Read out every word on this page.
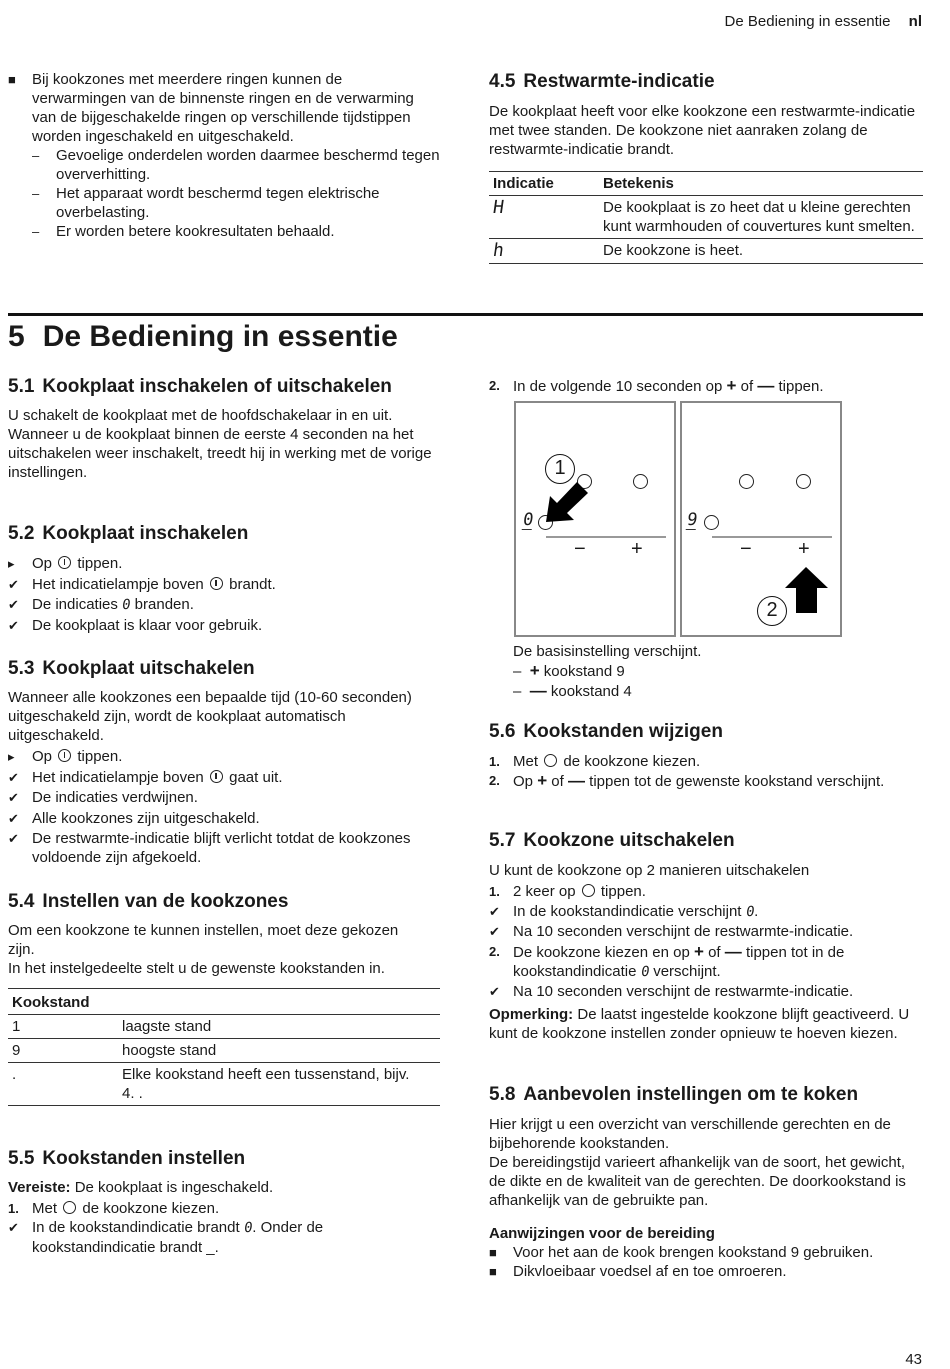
De Bediening in essentie nl
■	Bij kookzones met meerdere ringen kunnen de verwarmingen van de binnenste ringen en de verwarming van de bijgeschakelde ringen op verschillende tijdstippen worden ingeschakeld en uitgeschakeld.
–	Gevoelige onderdelen worden daarmee beschermd tegen oververhitting.
–	Het apparaat wordt beschermd tegen elektrische overbelasting.
–	Er worden betere kookresultaten behaald.
4.5 Restwarmte-indicatie

De kookplaat heeft voor elke kookzone een restwarmte-indicatie met twee standen. De kookzone niet aanraken zolang de restwarmte-indicatie brandt.

Indicatie	Betekenis
H	De kookplaat is zo heet dat u kleine gerechten kunt warmhouden of couvertures kunt smelten.
h	De kookzone is heet.
5 De Bediening in essentie
5.1 Kookplaat inschakelen of uitschakelen

U schakelt de kookplaat met de hoofdschakelaar in en uit.

Wanneer u de kookplaat binnen de eerste 4 seconden na het uitschakelen weer inschakelt, treedt hij in werking met de vorige instellingen.

5.2 Kookplaat inschakelen
▸	Op tippen.
✔ Het indicatielampje boven brandt.
✔ De indicaties 0 branden.
✔ De kookplaat is klaar voor gebruik.
5.3 Kookplaat uitschakelen

Wanneer alle kookzones een bepaalde tijd (10-60 seconden) uitgeschakeld zijn, wordt de kookplaat automatisch uitgeschakeld.

▸	Op tippen.
✔ Het indicatielampje boven gaat uit.
✔ De indicaties verdwijnen.
✔ Alle kookzones zijn uitgeschakeld.
✔ De restwarmte-indicatie blijft verlicht totdat de kookzones voldoende zijn afgekoeld.
5.4 Instellen van de kookzones

Om een kookzone te kunnen instellen, moet deze gekozen zijn.

In het instelgedeelte stelt u de gewenste kookstanden in.

Kookstand	
1	laagste stand
9	hoogste stand
.	Elke kookstand heeft een tussenstand, bijv. 4. .
5.5 Kookstanden instellen

Vereiste: De kookplaat is ingeschakeld.

1. Met de kookzone kiezen.
✔ In de kookstandindicatie brandt 0. Onder de kookstandindicatie brandt _.
2. In de volgende 10 seconden op + of — tippen.
0
− +
1
9
− +
2

De basisinstelling verschijnt.

–  + kookstand 9

–  — kookstand 4

5.6 Kookstanden wijzigen
1. Met de kookzone kiezen.
2. Op + of — tippen tot de gewenste kookstand verschijnt.
5.7 Kookzone uitschakelen

U kunt de kookzone op 2 manieren uitschakelen

1. 2 keer op tippen.
✔ In de kookstandindicatie verschijnt 0.
✔ Na 10 seconden verschijnt de restwarmte-indicatie.
2. De kookzone kiezen en op + of — tippen tot in de kookstandindicatie 0 verschijnt.
✔ Na 10 seconden verschijnt de restwarmte-indicatie.

Opmerking: De laatst ingestelde kookzone blijft geactiveerd. U kunt de kookzone instellen zonder opnieuw te hoeven kiezen.

5.8 Aanbevolen instellingen om te koken

Hier krijgt u een overzicht van verschillende gerechten en de bijbehorende kookstanden.

De bereidingstijd varieert afhankelijk van de soort, het gewicht, de dikte en de kwaliteit van de gerechten. De doorkookstand is afhankelijk van de gebruikte pan.

Aanwijzingen voor de bereiding

■	Voor het aan de kook brengen kookstand 9 gebruiken.
■	Dikvloeibaar voedsel af en toe omroeren.
43
